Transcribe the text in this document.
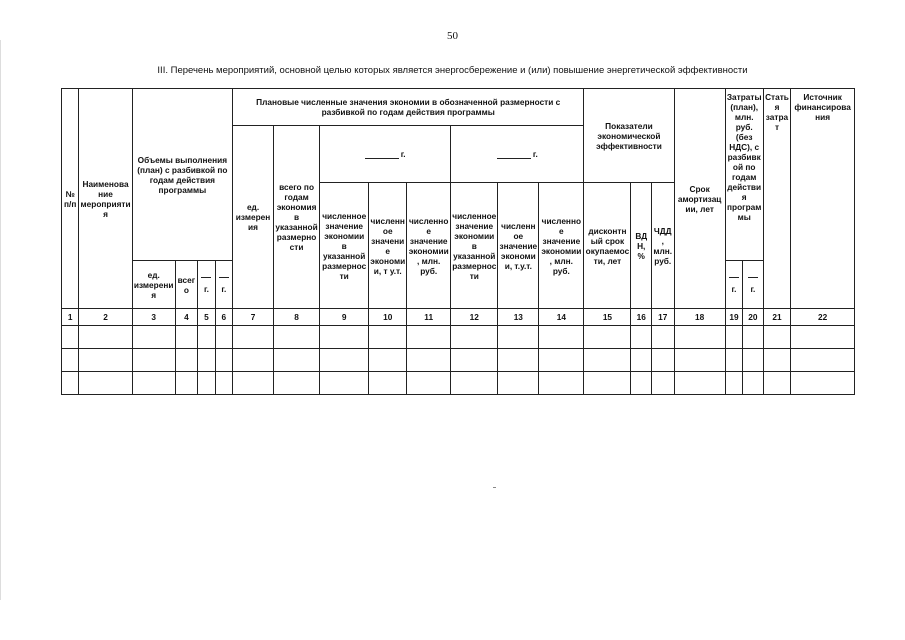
50
III. Перечень мероприятий, основной целью которых является энергосбережение и (или) повышение энергетической эффективности
№ п/п	Наименование мероприятия	Объемы выполнения (план) с разбивкой по годам действия программы				Плановые численные значения экономии в обозначенной размерности с разбивкой по годам действия программы								Показатели экономической эффективности			Срок амортизации, лет	Затраты (план), млн. руб. (без НДС), с разбивкой по годам действия программы		Статья затрат	Источник финансирования
						ед. измерения	всего по годам экономия в указанной размерности	г.			г.										
								численное значение экономии в указанной размерности	численное значение экономии, т у.т.	численное значение экономии, млн. руб.	численное значение экономии в указанной размерности	численное значение экономии, т.у.т.	численное значение экономии, млн. руб.	дисконтный срок окупаемости, лет	ВДН, %	ЧДД, млн. руб.					
		ед. измерения	всего	г.	г.													г.	г.		
1	2	3	4	5	6	7	8	9	10	11	12	13	14	15	16	17	18	19	20	21	22
